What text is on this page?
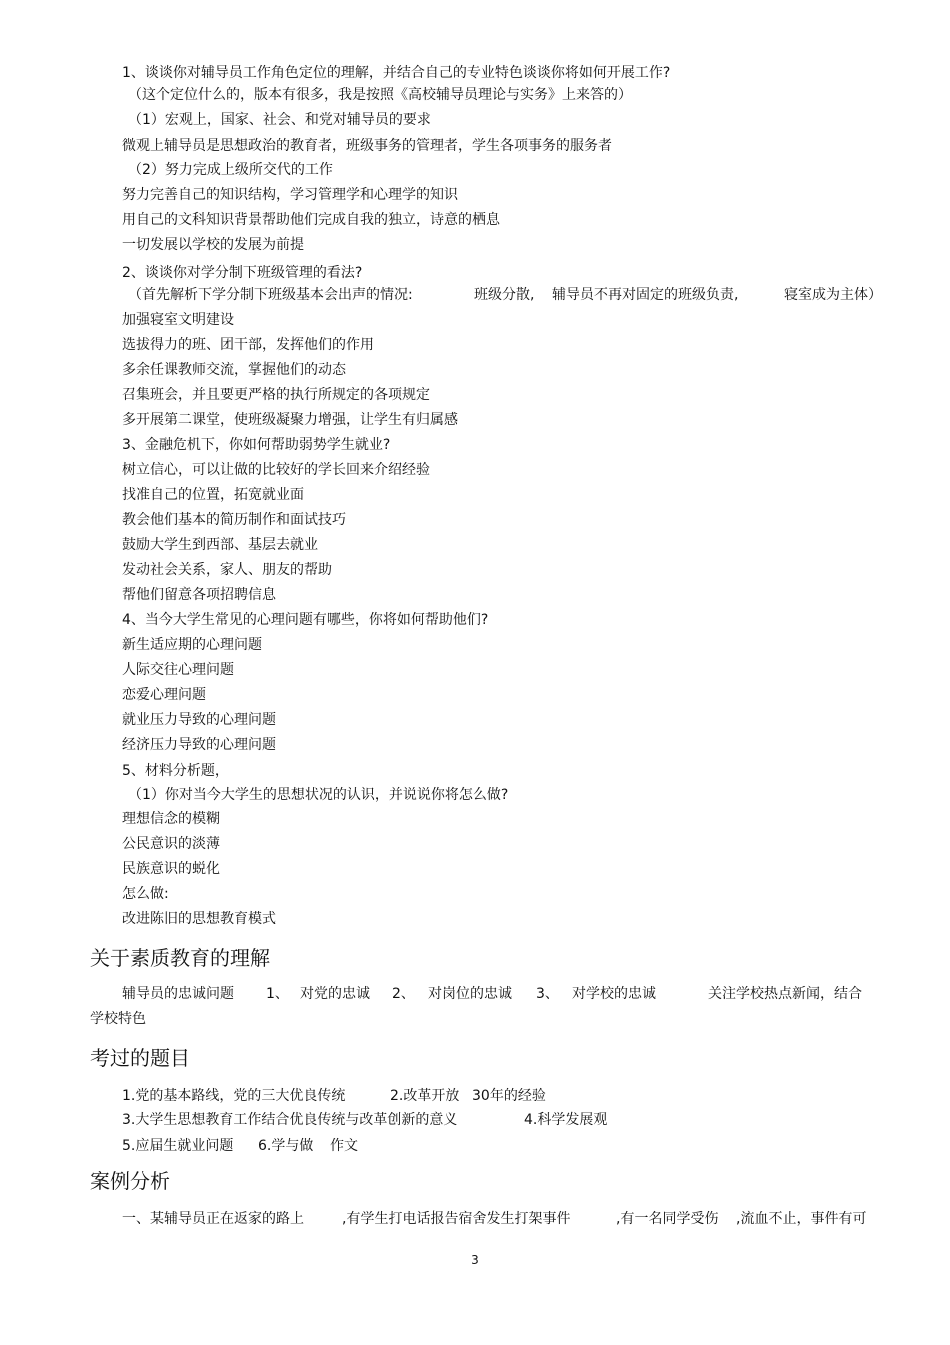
1、谈谈你对辅导员工作角色定位的理解，并结合自己的专业特色谈谈你将如何开展工作?
（这个定位什么的，版本有很多，我是按照《高校辅导员理论与实务》上来答的）
（1）宏观上，国家、社会、和党对辅导员的要求
微观上辅导员是思想政治的教育者，班级事务的管理者，学生各项事务的服务者
（2）努力完成上级所交代的工作
努力完善自己的知识结构，学习管理学和心理学的知识
用自己的文科知识背景帮助他们完成自我的独立，诗意的栖息
一切发展以学校的发展为前提
2、谈谈你对学分制下班级管理的看法?
（首先解析下学分制下班级基本会出声的情况:	班级分散, 辅导员不再对固定的班级负责,	寝室成为主体）
加强寝室文明建设
选拔得力的班、团干部，发挥他们的作用
多余任课教师交流，掌握他们的动态
召集班会，并且要更严格的执行所规定的各项规定
多开展第二课堂，使班级凝聚力增强，让学生有归属感
3、金融危机下，你如何帮助弱势学生就业?
树立信心，可以让做的比较好的学长回来介绍经验
找准自己的位置，拓宽就业面
教会他们基本的简历制作和面试技巧
鼓励大学生到西部、基层去就业
发动社会关系，家人、朋友的帮助
帮他们留意各项招聘信息
4、当今大学生常见的心理问题有哪些，你将如何帮助他们?
新生适应期的心理问题
人际交往心理问题
恋爱心理问题
就业压力导致的心理问题
经济压力导致的心理问题
5、材料分析题，
（1）你对当今大学生的思想状况的认识，并说说你将怎么做?
理想信念的模糊
公民意识的淡薄
民族意识的蜕化
怎么做:
改进陈旧的思想教育模式
关于素质教育的理解
辅导员的忠诚问题 1、 对党的忠诚 2、 对岗位的忠诚 3、 对学校的忠诚	关注学校热点新闻，结合
学校特色
考过的题目
1.党的基本路线，党的三大优良传统	2.改革开放 30年的经验
3.大学生思想教育工作结合优良传统与改革创新的意义	4.科学发展观
5.应届生就业问题 6.学与做 作文
案例分析
一、某辅导员正在返家的路上	,有学生打电话报告宿舍发生打架事件	,有一名同学受伤 ,流血不止，事件有可
3
